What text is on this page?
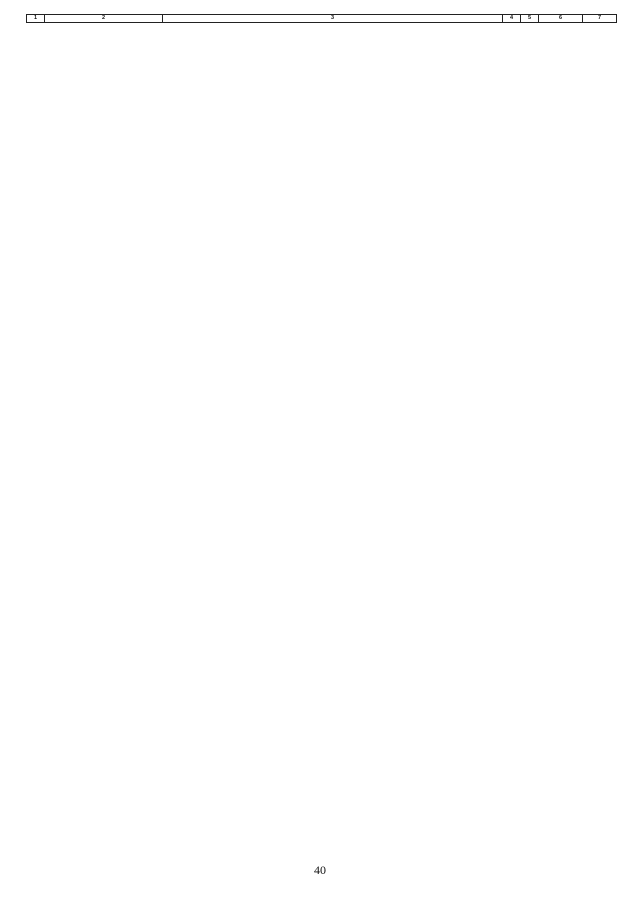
1	2	3	4	5	6	7
40
